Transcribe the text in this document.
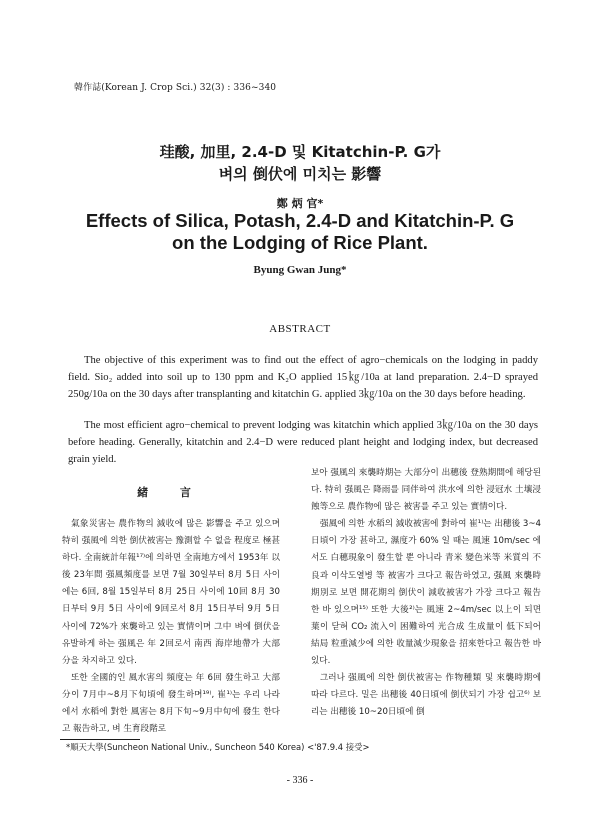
韓作誌(Korean J. Crop Sci.) 32(3) : 336~340
珪酸, 加里, 2.4-D 및 Kitatchin-P. G가
벼의 倒伏에 미치는 影響
鄭 炳 官*
Effects of Silica, Potash, 2.4-D and Kitatchin-P. G
on the Lodging of Rice Plant.
Byung Gwan Jung*
ABSTRACT
The objective of this experiment was to find out the effect of agro−chemicals on the lodging in paddy field. Sio₂ added into soil up to 130 ppm and K₂O applied 15㎏/10a at land preparation. 2.4−D sprayed 250g/10a on the 30 days after transplanting and kitatchin G. applied 3㎏/10a on the 30 days before heading.
The most efficient agro−chemical to prevent lodging was kitatchin which applied 3㎏/10a on the 30 days before heading. Generally, kitatchin and 2.4−D were reduced plant height and lodging index, but decreased grain yield.
緒 言

氣象災害는 農作物의 減收에 많은 影響을 주고 있으며 特히 强風에 의한 倒伏被害는 豫測할 수 없을 程度로 極甚하다. 全南統計年報¹⁷⁾에 의하면 全南地方에서 1953年 以後 23年間 强風頻度를 보면 7월 30일부터 8月 5日 사이에는 6回, 8월 15일부터 8月 25日 사이에 10回 8月 30日부터 9月 5日 사이에 9回로서 8月 15日부터 9月 5日 사이에 72%가 來襲하고 있는 實情이며 그中 벼에 倒伏을 유발하게 하는 强風은 年 2回로서 南西 海岸地帶가 大部分을 차지하고 있다.

또한 全國的인 風水害의 頻度는 年 6回 發生하고 大部分이 7月中~8月下旬頃에 發生하며¹⁹⁾, 崔¹⁾는 우리 나라에서 水稻에 對한 風害는 8月下旬~9月中旬에 發生 한다고 報告하고, 벼 生育段階로

보아 强風의 來襲時期는 大部分이 出穗後 登熟期間에 해당된다. 特히 强風은 降雨를 同伴하여 洪水에 의한 浸冠水 土壤浸蝕等으로 農作物에 많은 被害를 주고 있는 實情이다.

强風에 의한 水稻의 減收被害에 對하여 崔¹⁾는 出穗後 3~4日頃이 가장 甚하고, 濕度가 60% 일 때는 風速 10m/sec 에서도 白穗現象이 發生할 뿐 아니라 青米 變色米等 米質의 不良과 이삭도열병 等 被害가 크다고 報告하였고, 强風 來襲時期別로 보면 開花期의 倒伏이 減收被害가 가장 크다고 報告한 바 있으며¹⁵⁾ 또한 大後²⁾는 風速 2~4m/sec 以上이 되면 葉이 닫혀 CO₂ 流入이 困難하여 光合成 生成量이 低下되어 結局 粒重減少에 의한 收量減少現象을 招來한다고 報告한 바 있다.

그러나 强風에 의한 倒伏被害는 作物種類 및 來襲時期에 따라 다르다. 밀은 出穗後 40日頃에 倒伏되기 가장 쉽고⁶⁾ 보리는 出穗後 10~20日頃에 倒

*順天大學(Suncheon National Univ., Suncheon 540 Korea) <'87.9.4 接受>
- 336 -
